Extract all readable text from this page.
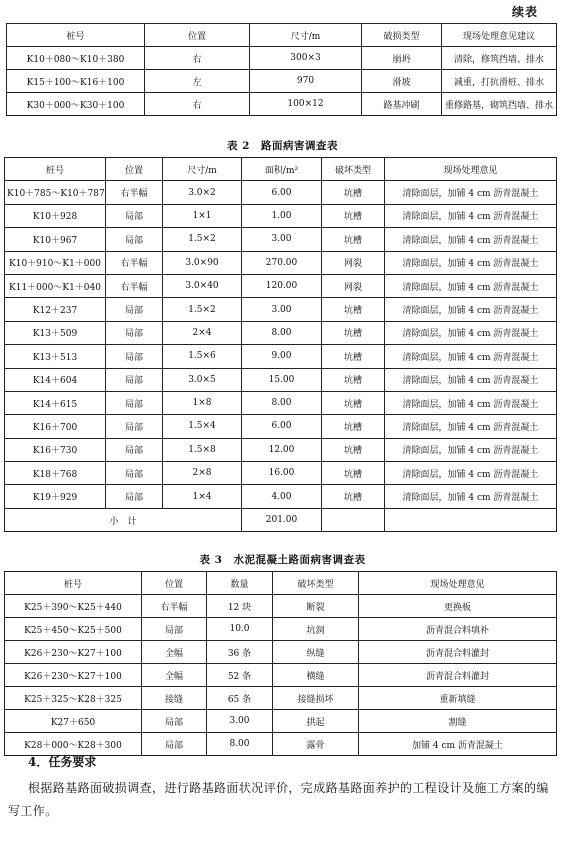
续表
桩号	位置	尺寸/m	破损类型	现场处理意见建议
K10＋080～K10＋380	右	300×3	崩坍	清除，修筑挡墙、排水
K15＋100～K16＋100	左	970	滑坡	减重，打抗滑桩、排水
K30＋000～K30＋100	右	100×12	路基冲刷	重修路基，砌筑挡墙、排水
表 2　路面病害调查表
桩号	位置	尺寸/m	面积/m²	破坏类型	现场处理意见
K10＋785～K10＋787	右半幅	3.0×2	6.00	坑槽	清除面层，加铺 4 cm 沥青混凝土
K10＋928	局部	1×1	1.00	坑槽	清除面层，加铺 4 cm 沥青混凝土
K10＋967	局部	1.5×2	3.00	坑槽	清除面层，加铺 4 cm 沥青混凝土
K10＋910～K1＋000	右半幅	3.0×90	270.00	网裂	清除面层，加铺 4 cm 沥青混凝土
K11＋000～K1＋040	右半幅	3.0×40	120.00	网裂	清除面层，加铺 4 cm 沥青混凝土
K12＋237	局部	1.5×2	3.00	坑槽	清除面层，加铺 4 cm 沥青混凝土
K13＋509	局部	2×4	8.00	坑槽	清除面层，加铺 4 cm 沥青混凝土
K13＋513	局部	1.5×6	9.00	坑槽	清除面层，加铺 4 cm 沥青混凝土
K14＋604	局部	3.0×5	15.00	坑槽	清除面层，加铺 4 cm 沥青混凝土
K14＋615	局部	1×8	8.00	坑槽	清除面层，加铺 4 cm 沥青混凝土
K16＋700	局部	1.5×4	6.00	坑槽	清除面层，加铺 4 cm 沥青混凝土
K16＋730	局部	1.5×8	12.00	坑槽	清除面层，加铺 4 cm 沥青混凝土
K18＋768	局部	2×8	16.00	坑槽	清除面层，加铺 4 cm 沥青混凝土
K19＋929	局部	1×4	4.00	坑槽	清除面层，加铺 4 cm 沥青混凝土
小　计			201.00		
表 3　水泥混凝土路面病害调查表
桩号	位置	数量	破坏类型	现场处理意见
K25＋390～K25＋440	右半幅	12 块	断裂	更换板
K25＋450～K25＋500	局部	10.0	坑洞	沥青混合料填补
K26＋230～K27＋100	全幅	36 条	纵缝	沥青混合料灌封
K26＋230～K27＋100	全幅	52 条	横缝	沥青混合料灌封
K25＋325～K28＋325	接缝	65 条	接缝损坏	重新填缝
K27＋650	局部	3.00	拱起	割缝
K28＋000～K28＋300	局部	8.00	露骨	加铺 4 cm 沥青混凝土
4．任务要求
根据路基路面破损调查，进行路基路面状况评价，完成路基路面养护的工程设计及施工方案的编写工作。
